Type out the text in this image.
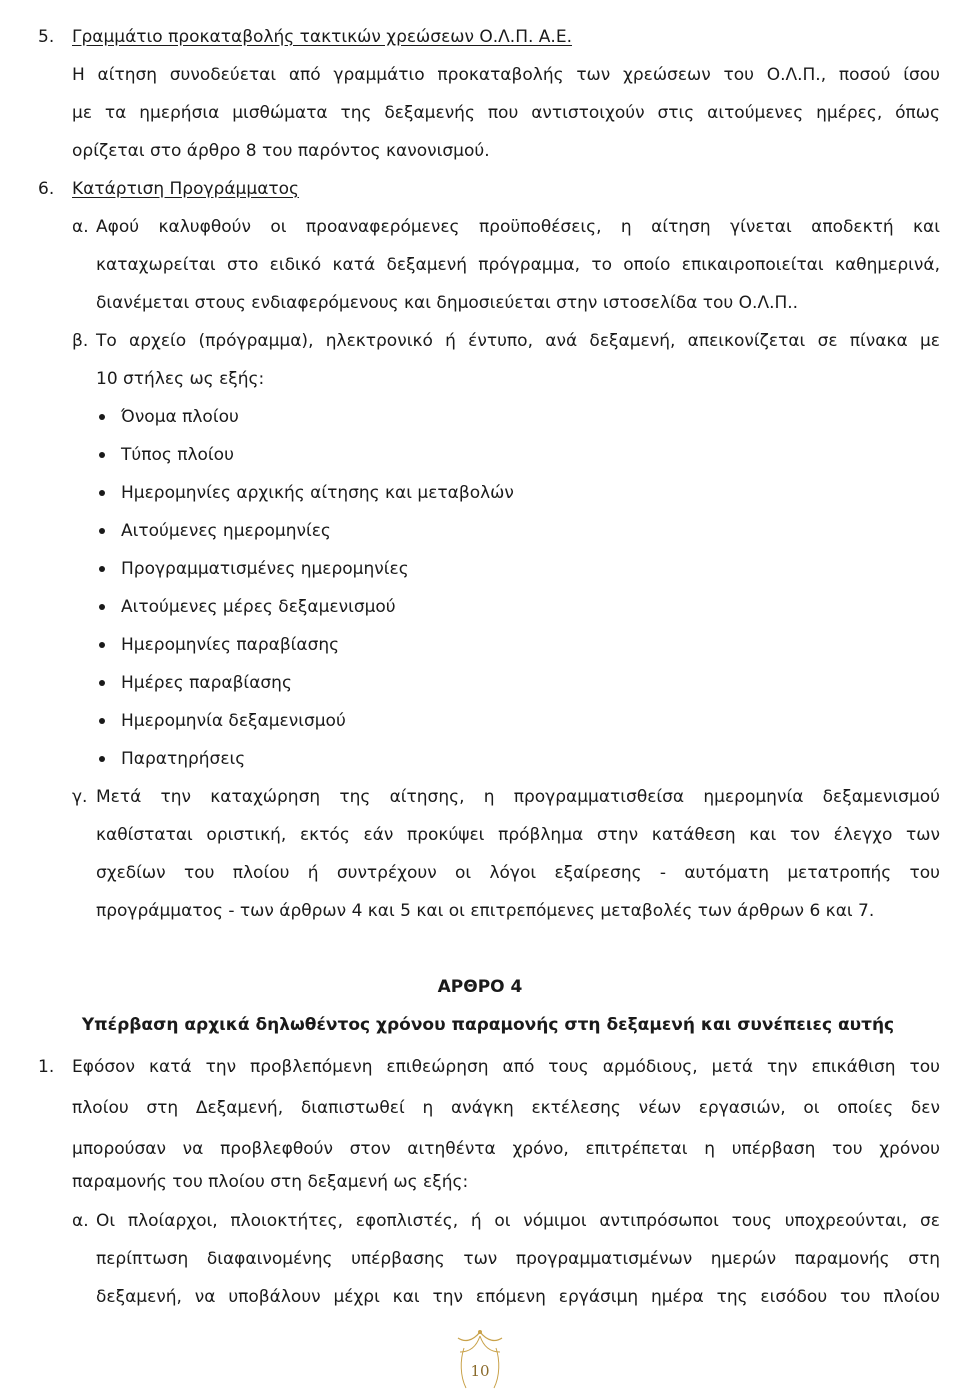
5. Γραμμάτιο προκαταβολής τακτικών χρεώσεων Ο.Λ.Π. Α.Ε.
Η αίτηση συνοδεύεται από γραμμάτιο προκαταβολής των χρεώσεων του Ο.Λ.Π., ποσού ίσου
με τα ημερήσια μισθώματα της δεξαμενής που αντιστοιχούν στις αιτούμενες ημέρες, όπως
ορίζεται στο άρθρο 8 του παρόντος κανονισμού.
6. Κατάρτιση Προγράμματος
α. Αφού καλυφθούν οι προαναφερόμενες προϋποθέσεις, η αίτηση γίνεται αποδεκτή και
καταχωρείται στο ειδικό κατά δεξαμενή πρόγραμμα, το οποίο επικαιροποιείται καθημερινά,
διανέμεται στους ενδιαφερόμενους και δημοσιεύεται στην ιστοσελίδα του Ο.Λ.Π..
β. Το αρχείο (πρόγραμμα), ηλεκτρονικό ή έντυπο, ανά δεξαμενή, απεικονίζεται σε πίνακα με
10 στήλες ως εξής:
Όνομα πλοίου
Τύπος πλοίου
Ημερομηνίες αρχικής αίτησης και μεταβολών
Αιτούμενες ημερομηνίες
Προγραμματισμένες ημερομηνίες
Αιτούμενες μέρες δεξαμενισμού
Ημερομηνίες παραβίασης
Ημέρες παραβίασης
Ημερομηνία δεξαμενισμού
Παρατηρήσεις
γ. Μετά την καταχώρηση της αίτησης, η προγραμματισθείσα ημερομηνία δεξαμενισμού
καθίσταται οριστική, εκτός εάν προκύψει πρόβλημα στην κατάθεση και τον έλεγχο των
σχεδίων του πλοίου ή συντρέχουν οι λόγοι εξαίρεσης - αυτόματη μετατροπής του
προγράμματος - των άρθρων 4 και 5 και οι επιτρεπόμενες μεταβολές των άρθρων 6 και 7.
ΑΡΘΡΟ 4
Υπέρβαση αρχικά δηλωθέντος χρόνου παραμονής στη δεξαμενή και συνέπειες αυτής
1. Εφόσον κατά την προβλεπόμενη επιθεώρηση από τους αρμόδιους, μετά την επικάθιση του
πλοίου στη Δεξαμενή, διαπιστωθεί η ανάγκη εκτέλεσης νέων εργασιών, οι οποίες δεν
μπορούσαν να προβλεφθούν στον αιτηθέντα χρόνο, επιτρέπεται η υπέρβαση του χρόνου
παραμονής του πλοίου στη δεξαμενή ως εξής:
α. Οι πλοίαρχοι, πλοιοκτήτες, εφοπλιστές, ή οι νόμιμοι αντιπρόσωποι τους υποχρεούνται, σε
περίπτωση διαφαινομένης υπέρβασης των προγραμματισμένων ημερών παραμονής στη
δεξαμενή, να υποβάλουν μέχρι και την επόμενη εργάσιμη ημέρα της εισόδου του πλοίου
10
